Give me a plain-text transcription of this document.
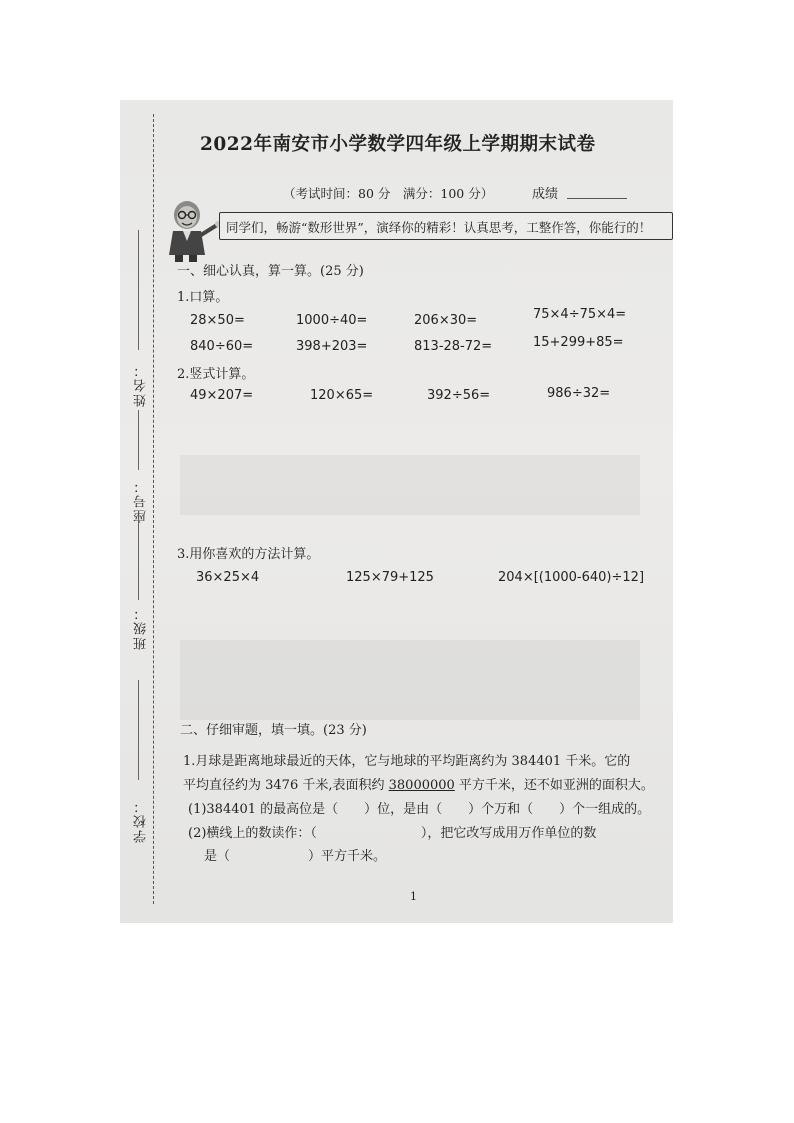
姓名：
座号：
班级：
学校：
2022年南安市小学数学四年级上学期期末试卷
（考试时间：80 分　满分：100 分）	成绩
同学们，畅游“数形世界”，演绎你的精彩！认真思考，工整作答，你能行的！
一、细心认真，算一算。(25 分)
1.口算。
28×50=	1000÷40=	206×30=	75×4÷75×4=
840÷60=	398+203=	813-28-72=	15+299+85=
2.竖式计算。
49×207=	120×65=	392÷56=	986÷32=
3.用你喜欢的方法计算。
36×25×4	125×79+125	204×[(1000-640)÷12]
二、仔细审题，填一填。(23 分)
1.月球是距离地球最近的天体，它与地球的平均距离约为 384401 千米。它的
平均直径约为 3476 千米,表面积约 38000000 平方千米，还不如亚洲的面积大。
(1)384401 的最高位是（　　）位，是由（　　）个万和（　　）个一组成的。
(2)横线上的数读作：（　　　　　　　　），把它改写成用万作单位的数
是（　　　　　　）平方千米。
1
